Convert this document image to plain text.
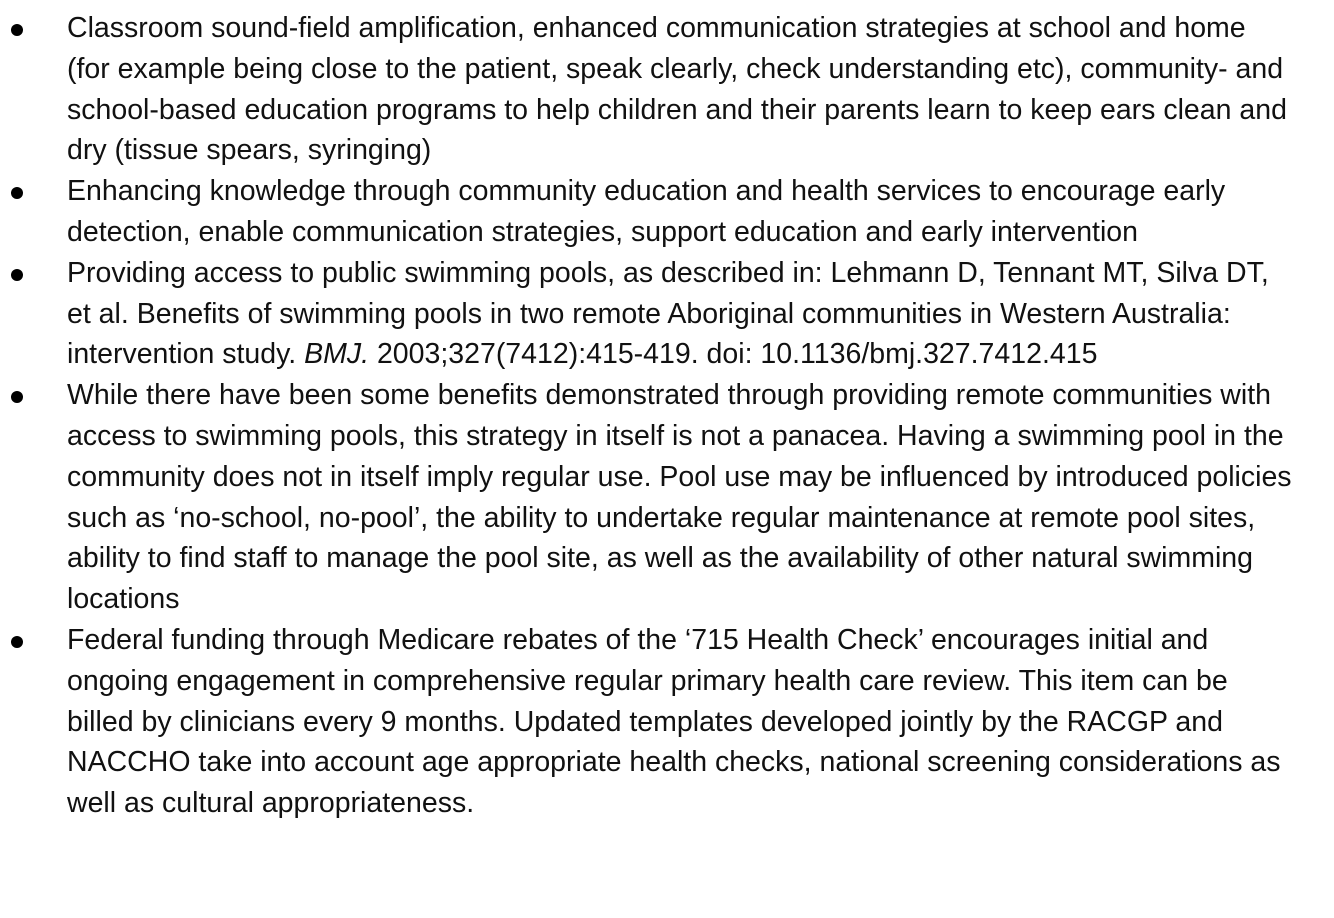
Classroom sound-field amplification, enhanced communication strategies at school and home (for example being close to the patient, speak clearly, check understanding etc), community- and school-based education programs to help children and their parents learn to keep ears clean and dry (tissue spears, syringing)
Enhancing knowledge through community education and health services to encourage early detection, enable communication strategies, support education and early intervention
Providing access to public swimming pools, as described in: Lehmann D, Tennant MT, Silva DT, et al. Benefits of swimming pools in two remote Aboriginal communities in Western Australia: intervention study. BMJ. 2003;327(7412):415-419. doi: 10.1136/bmj.327.7412.415
While there have been some benefits demonstrated through providing remote communities with access to swimming pools, this strategy in itself is not a panacea. Having a swimming pool in the community does not in itself imply regular use. Pool use may be influenced by introduced policies such as ‘no-school, no-pool’, the ability to undertake regular maintenance at remote pool sites, ability to find staff to manage the pool site, as well as the availability of other natural swimming locations
Federal funding through Medicare rebates of the ‘715 Health Check’ encourages initial and ongoing engagement in comprehensive regular primary health care review. This item can be billed by clinicians every 9 months. Updated templates developed jointly by the RACGP and NACCHO take into account age appropriate health checks, national screening considerations as well as cultural appropriateness.
